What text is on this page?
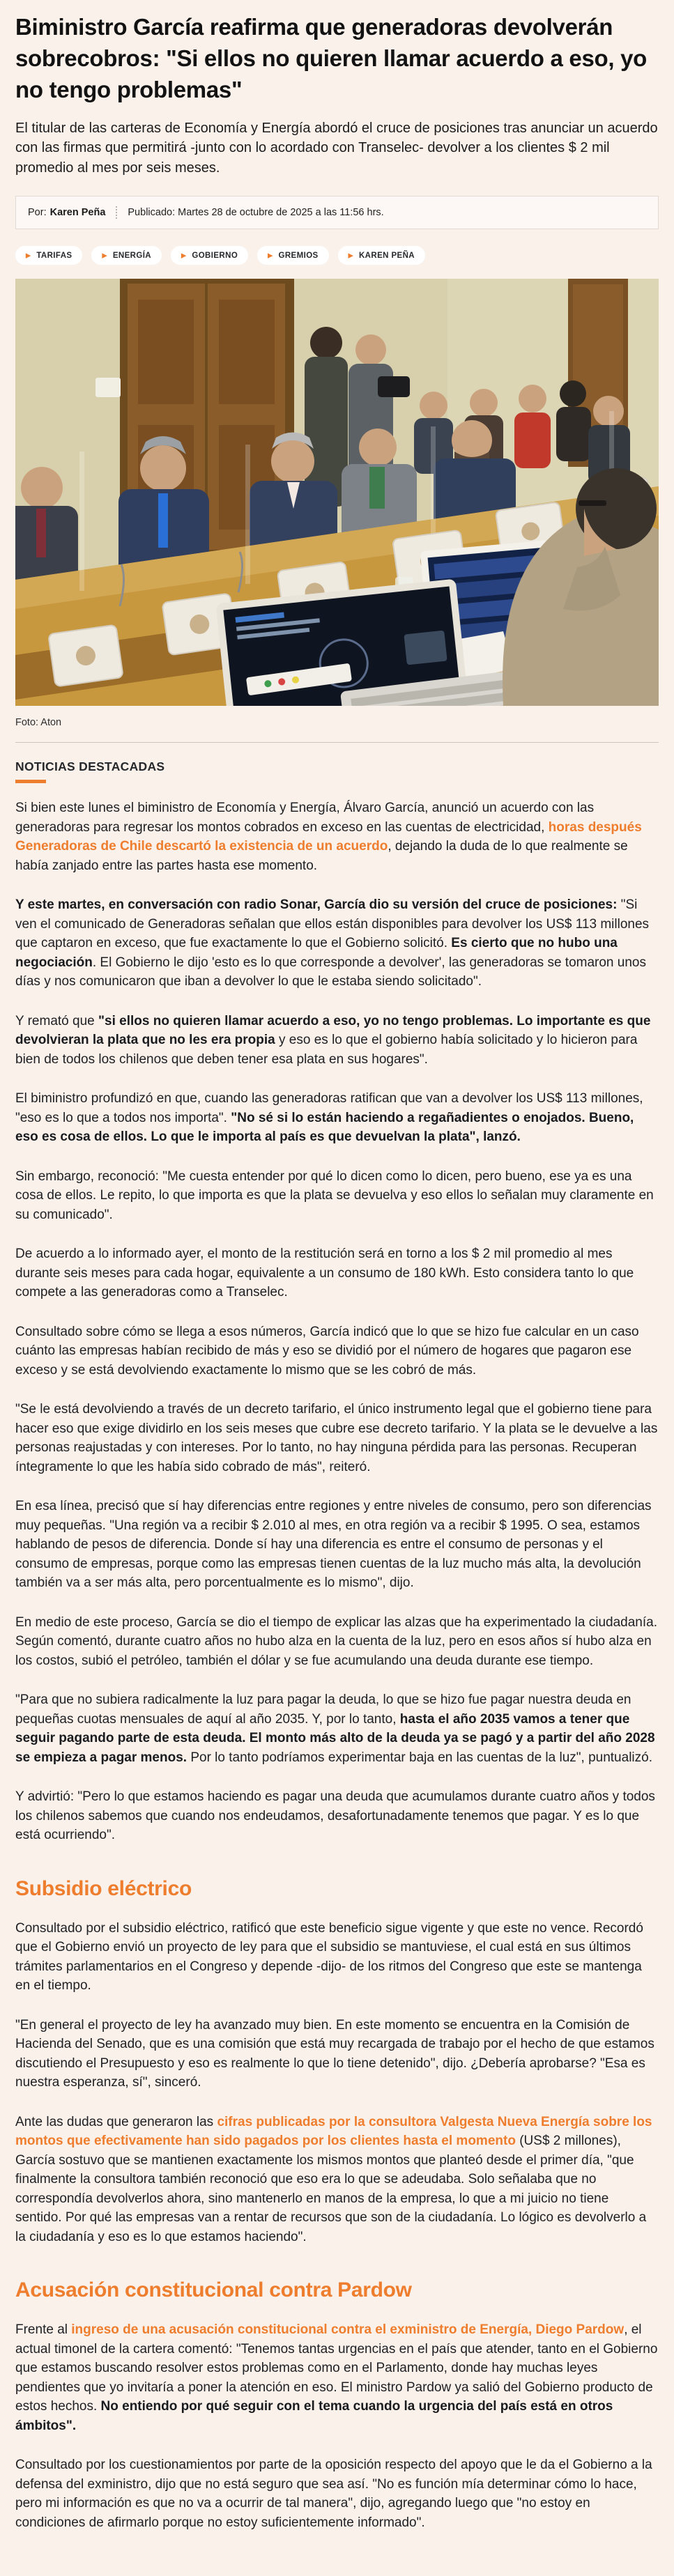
Biministro García reafirma que generadoras devolverán sobrecobros: "Si ellos no quieren llamar acuerdo a eso, yo no tengo problemas"

El titular de las carteras de Economía y Energía abordó el cruce de posiciones tras anunciar un acuerdo con las firmas que permitirá -junto con lo acordado con Transelec- devolver a los clientes $ 2 mil promedio al mes por seis meses.

Por: Karen Peña Publicado: Martes 28 de octubre de 2025 a las 11:56 hrs.
▶ TARIFAS	▶ ENERGÍA	▶ GOBIERNO	▶ GREMIOS	▶ KAREN PEÑA
Foto: Aton
NOTICIAS DESTACADAS

Si bien este lunes el biministro de Economía y Energía, Álvaro García, anunció un acuerdo con las generadoras para regresar los montos cobrados en exceso en las cuentas de electricidad, horas después Generadoras de Chile descartó la existencia de un acuerdo, dejando la duda de lo que realmente se había zanjado entre las partes hasta ese momento.

Y este martes, en conversación con radio Sonar, García dio su versión del cruce de posiciones: "Si ven el comunicado de Generadoras señalan que ellos están disponibles para devolver los US$ 113 millones que captaron en exceso, que fue exactamente lo que el Gobierno solicitó. Es cierto que no hubo una negociación. El Gobierno le dijo 'esto es lo que corresponde a devolver', las generadoras se tomaron unos días y nos comunicaron que iban a devolver lo que le estaba siendo solicitado".

Y remató que "si ellos no quieren llamar acuerdo a eso, yo no tengo problemas. Lo importante es que devolvieran la plata que no les era propia y eso es lo que el gobierno había solicitado y lo hicieron para bien de todos los chilenos que deben tener esa plata en sus hogares".

El biministro profundizó en que, cuando las generadoras ratifican que van a devolver los US$ 113 millones, "eso es lo que a todos nos importa". "No sé si lo están haciendo a regañadientes o enojados. Bueno, eso es cosa de ellos. Lo que le importa al país es que devuelvan la plata", lanzó.

Sin embargo, reconoció: "Me cuesta entender por qué lo dicen como lo dicen, pero bueno, ese ya es una cosa de ellos. Le repito, lo que importa es que la plata se devuelva y eso ellos lo señalan muy claramente en su comunicado".

De acuerdo a lo informado ayer, el monto de la restitución será en torno a los $ 2 mil promedio al mes durante seis meses para cada hogar, equivalente a un consumo de 180 kWh. Esto considera tanto lo que compete a las generadoras como a Transelec.

Consultado sobre cómo se llega a esos números, García indicó que lo que se hizo fue calcular en un caso cuánto las empresas habían recibido de más y eso se dividió por el número de hogares que pagaron ese exceso y se está devolviendo exactamente lo mismo que se les cobró de más.

"Se le está devolviendo a través de un decreto tarifario, el único instrumento legal que el gobierno tiene para hacer eso que exige dividirlo en los seis meses que cubre ese decreto tarifario. Y la plata se le devuelve a las personas reajustadas y con intereses. Por lo tanto, no hay ninguna pérdida para las personas. Recuperan íntegramente lo que les había sido cobrado de más", reiteró.

En esa línea, precisó que sí hay diferencias entre regiones y entre niveles de consumo, pero son diferencias muy pequeñas. "Una región va a recibir $ 2.010 al mes, en otra región va a recibir $ 1995. O sea, estamos hablando de pesos de diferencia. Donde sí hay una diferencia es entre el consumo de personas y el consumo de empresas, porque como las empresas tienen cuentas de la luz mucho más alta, la devolución también va a ser más alta, pero porcentualmente es lo mismo", dijo.

En medio de este proceso, García se dio el tiempo de explicar las alzas que ha experimentado la ciudadanía. Según comentó, durante cuatro años no hubo alza en la cuenta de la luz, pero en esos años sí hubo alza en los costos, subió el petróleo, también el dólar y se fue acumulando una deuda durante ese tiempo.

"Para que no subiera radicalmente la luz para pagar la deuda, lo que se hizo fue pagar nuestra deuda en pequeñas cuotas mensuales de aquí al año 2035. Y, por lo tanto, hasta el año 2035 vamos a tener que seguir pagando parte de esta deuda. El monto más alto de la deuda ya se pagó y a partir del año 2028 se empieza a pagar menos. Por lo tanto podríamos experimentar baja en las cuentas de la luz", puntualizó.

Y advirtió: "Pero lo que estamos haciendo es pagar una deuda que acumulamos durante cuatro años y todos los chilenos sabemos que cuando nos endeudamos, desafortunadamente tenemos que pagar. Y es lo que está ocurriendo".

Subsidio eléctrico

Consultado por el subsidio eléctrico, ratificó que este beneficio sigue vigente y que este no vence. Recordó que el Gobierno envió un proyecto de ley para que el subsidio se mantuviese, el cual está en sus últimos trámites parlamentarios en el Congreso y depende -dijo- de los ritmos del Congreso que este se mantenga en el tiempo.

"En general el proyecto de ley ha avanzado muy bien. En este momento se encuentra en la Comisión de Hacienda del Senado, que es una comisión que está muy recargada de trabajo por el hecho de que estamos discutiendo el Presupuesto y eso es realmente lo que lo tiene detenido", dijo. ¿Debería aprobarse? "Esa es nuestra esperanza, sí", sinceró.

Ante las dudas que generaron las cifras publicadas por la consultora Valgesta Nueva Energía sobre los montos que efectivamente han sido pagados por los clientes hasta el momento (US$ 2 millones), García sostuvo que se mantienen exactamente los mismos montos que planteó desde el primer día, "que finalmente la consultora también reconoció que eso era lo que se adeudaba. Solo señalaba que no correspondía devolverlos ahora, sino mantenerlo en manos de la empresa, lo que a mi juicio no tiene sentido. Por qué las empresas van a rentar de recursos que son de la ciudadanía. Lo lógico es devolverlo a la ciudadanía y eso es lo que estamos haciendo".

Acusación constitucional contra Pardow

Frente al ingreso de una acusación constitucional contra el exministro de Energía, Diego Pardow, el actual timonel de la cartera comentó: "Tenemos tantas urgencias en el país que atender, tanto en el Gobierno que estamos buscando resolver estos problemas como en el Parlamento, donde hay muchas leyes pendientes que yo invitaría a poner la atención en eso. El ministro Pardow ya salió del Gobierno producto de estos hechos. No entiendo por qué seguir con el tema cuando la urgencia del país está en otros ámbitos".

Consultado por los cuestionamientos por parte de la oposición respecto del apoyo que le da el Gobierno a la defensa del exministro, dijo que no está seguro que sea así. "No es función mía determinar cómo lo hace, pero mi información es que no va a ocurrir de tal manera", dijo, agregando luego que "no estoy en condiciones de afirmarlo porque no estoy suficientemente informado".
